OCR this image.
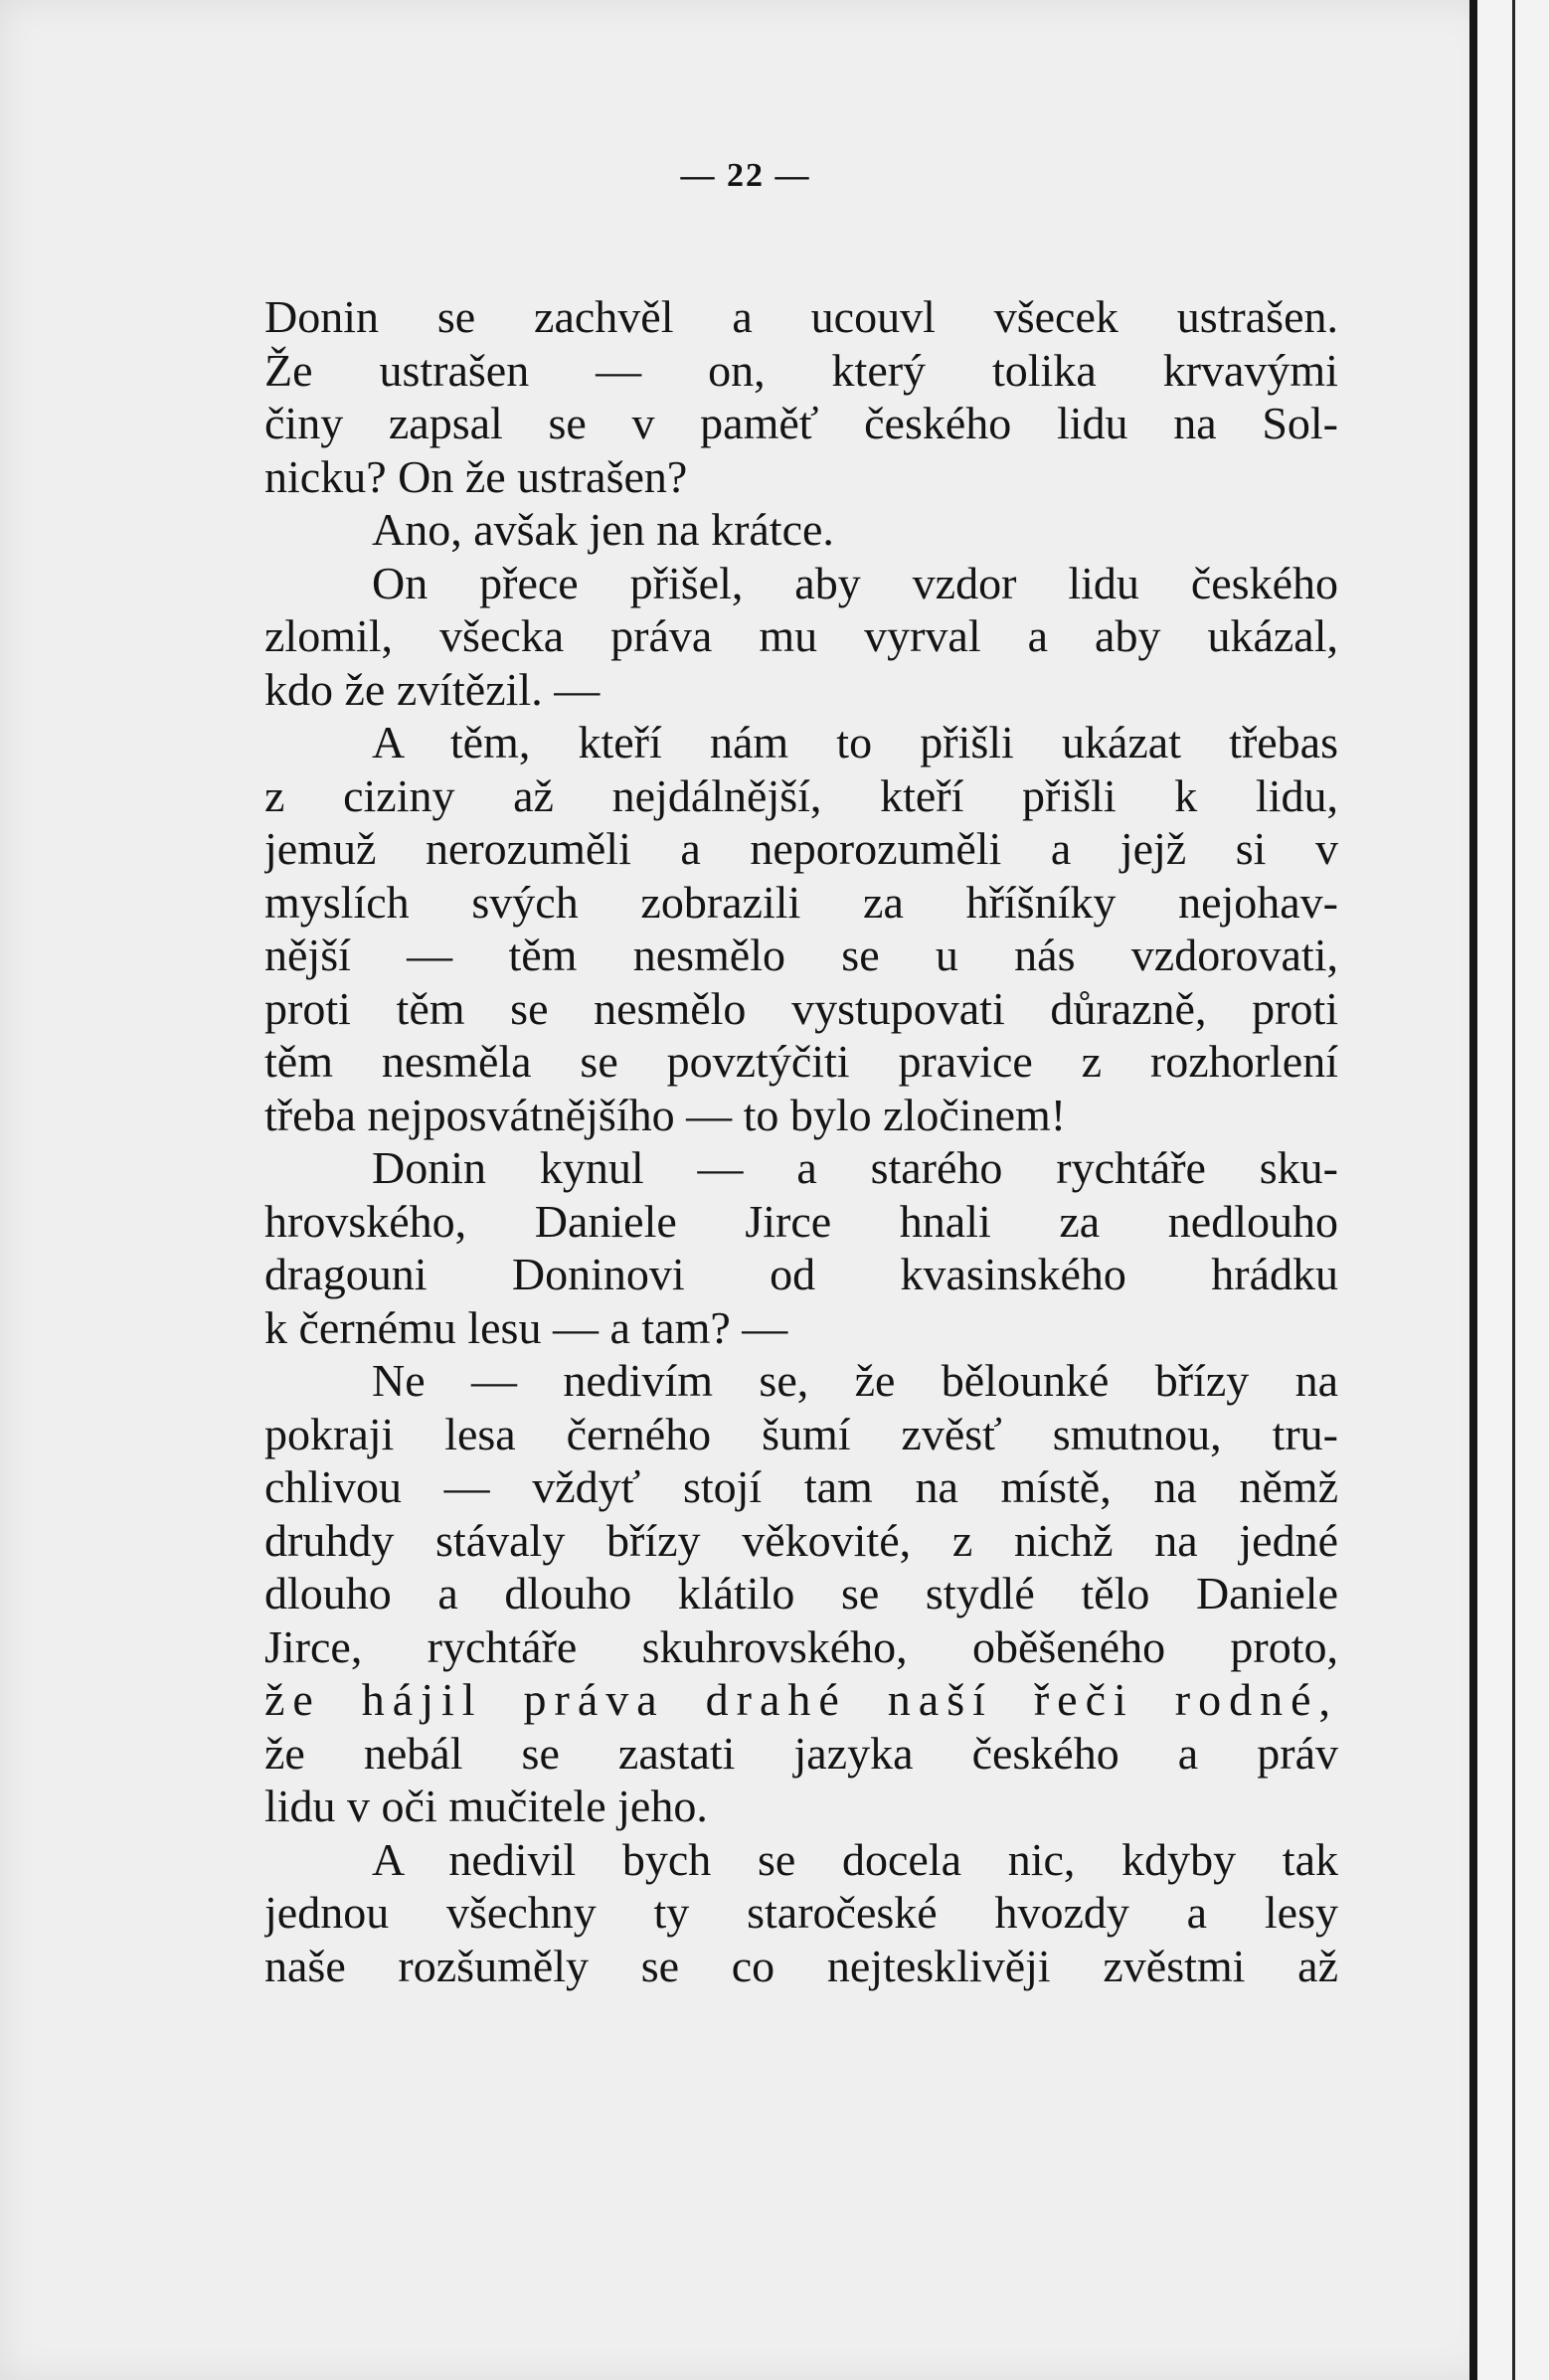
— 22 —
Donin se zachvěl a ucouvl všecek ustrašen.
Že ustrašen — on, který tolika krvavými
činy zapsal se v paměť českého lidu na Sol-
nicku? On že ustrašen?
Ano, avšak jen na krátce.
On přece přišel, aby vzdor lidu českého
zlomil, všecka práva mu vyrval a aby ukázal,
kdo že zvítězil. —
A těm, kteří nám to přišli ukázat třebas
z ciziny až nejdálnější, kteří přišli k lidu,
jemuž nerozuměli a neporozuměli a jejž si v
myslích svých zobrazili za hříšníky nejohav-
nější — těm nesmělo se u nás vzdorovati,
proti těm se nesmělo vystupovati důrazně, proti
těm nesměla se povztýčiti pravice z rozhorlení
třeba nejposvátnějšího — to bylo zločinem!
Donin kynul — a starého rychtáře sku-
hrovského, Daniele Jirce hnali za nedlouho
dragouni Doninovi od kvasinského hrádku
k černému lesu — a tam? —
Ne — nedivím se, že bělounké břízy na
pokraji lesa černého šumí zvěsť smutnou, tru-
chlivou — vždyť stojí tam na místě, na němž
druhdy stávaly břízy věkovité, z nichž na jedné
dlouho a dlouho klátilo se stydlé tělo Daniele
Jirce, rychtáře skuhrovského, oběšeného proto,
že hájil práva drahé naší řeči rodné,
že nebál se zastati jazyka českého a práv
lidu v oči mučitele jeho.
A nedivil bych se docela nic, kdyby tak
jednou všechny ty staročeské hvozdy a lesy
naše rozšuměly se co nejtesklivěji zvěstmi až
